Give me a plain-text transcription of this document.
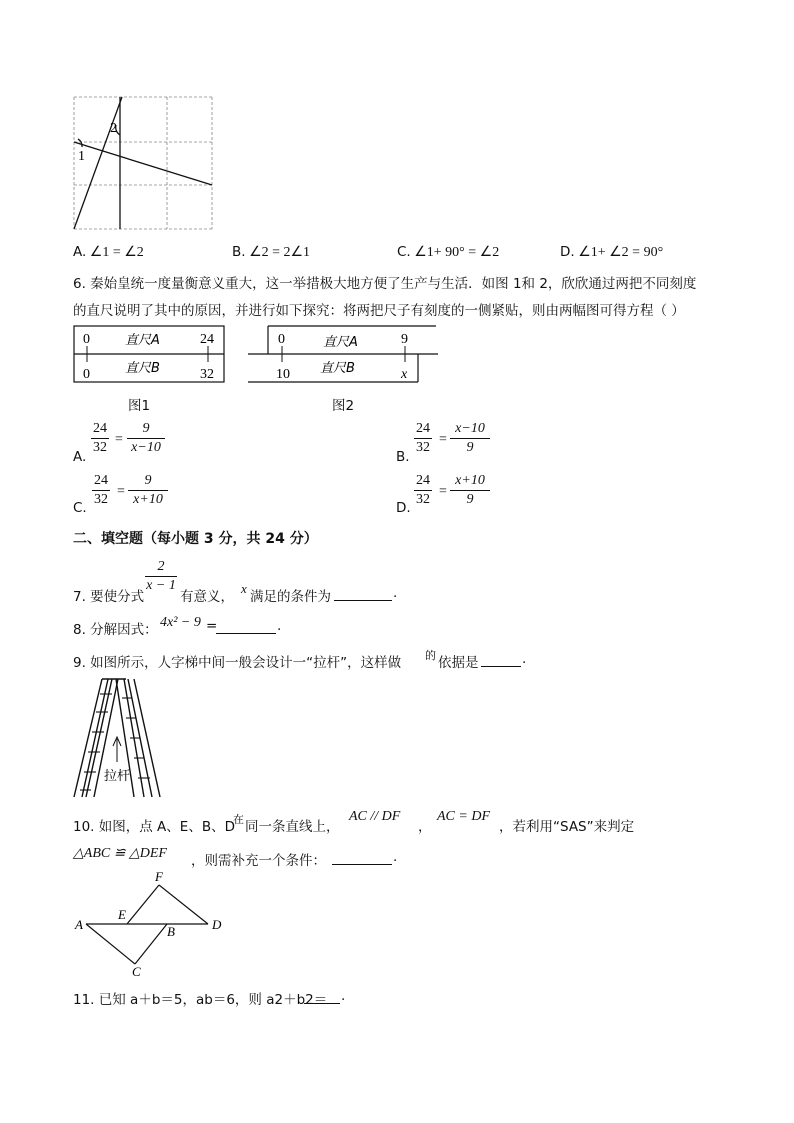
1
2
A. ∠1 = ∠2	B. ∠2 = 2∠1	C. ∠1+ 90° = ∠2	D. ∠1+ ∠2 = 90°
6. 秦始皇统一度量衡意义重大，这一举措极大地方便了生产与生活．如图 1和 2，欣欣通过两把不同刻度
的直尺说明了其中的原因，并进行如下探究：将两把尺子有刻度的一侧紧贴，则由两幅图可得方程（ ）
0	直尺A	24
0	直尺B	32
图1
0	直尺A	9
10 直尺B	x
图2
A.
24
32
=
9
x−10
B.
24
32
=
x−10
9
C.
24
32
=
9
x+10
D.
24
32
=
x+10
9
二、填空题（每小题 3 分，共 24 分）
7. 要使分式
2
x − 1
有意义，
x
满足的条件为	.
8. 分解因式： 4x² − 9 =	.
9. 如图所示，人字梯中间一般会设计一“拉杆”，这样做 的 依据是	.
拉杆
10. 如图，点 A、E、B、D
在 同一条直线上，
AC // DF
，
AC = DF
，若利用“SAS”来判定
△ABC ≌ △DEF ，则需补充一个条件：	.
A
E
B	D
F
C
11. 已知 a＋b＝5，ab＝6，则 a2＋b2＝ .
